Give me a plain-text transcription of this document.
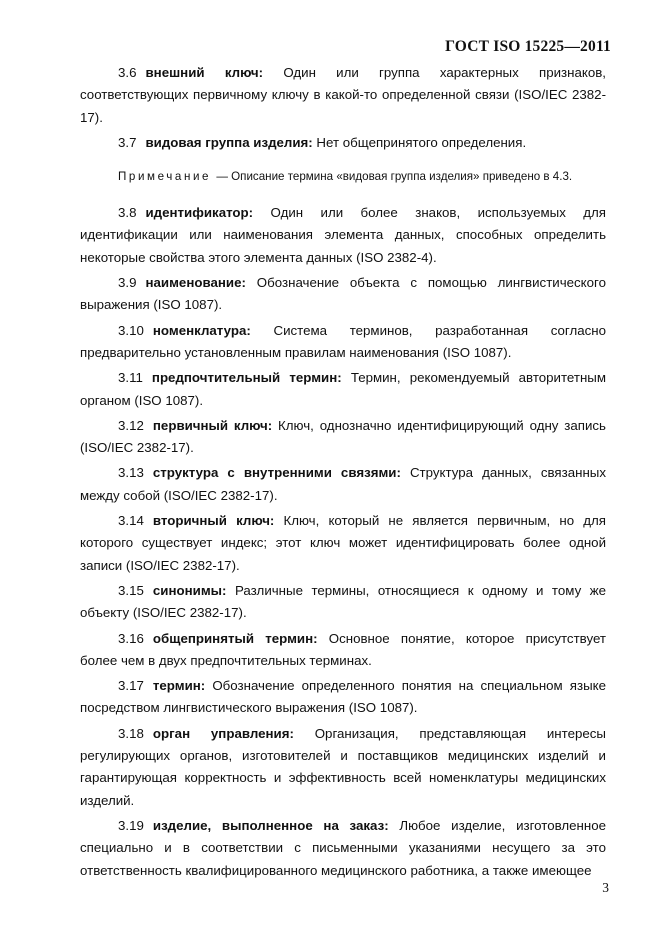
ГОСТ ISO 15225—2011

3.6 внешний ключ: Один или группа характерных признаков, соответствующих первичному ключу в какой-то определенной связи (ISO/IEC 2382-17).

3.7 видовая группа изделия: Нет общепринятого определения.

Примечание — Описание термина «видовая группа изделия» приведено в 4.3.

3.8 идентификатор: Один или более знаков, используемых для идентификации или наименования элемента данных, способных определить некоторые свойства этого элемента данных (ISO 2382-4).

3.9 наименование: Обозначение объекта с помощью лингвистического выражения (ISO 1087).

3.10 номенклатура: Система терминов, разработанная согласно предварительно установленным правилам наименования (ISO 1087).

3.11 предпочтительный термин: Термин, рекомендуемый авторитетным органом (ISO 1087).

3.12 первичный ключ: Ключ, однозначно идентифицирующий одну запись (ISO/IEC 2382-17).

3.13 структура с внутренними связями: Структура данных, связанных между собой (ISO/IEC 2382-17).

3.14 вторичный ключ: Ключ, который не является первичным, но для которого существует индекс; этот ключ может идентифицировать более одной записи (ISO/IEC 2382-17).

3.15 синонимы: Различные термины, относящиеся к одному и тому же объекту (ISO/IEC 2382-17).

3.16 общепринятый термин: Основное понятие, которое присутствует более чем в двух предпочтительных терминах.

3.17 термин: Обозначение определенного понятия на специальном языке посредством лингвистического выражения (ISO 1087).

3.18 орган управления: Организация, представляющая интересы регулирующих органов, изготовителей и поставщиков медицинских изделий и гарантирующая корректность и эффективность всей номенклатуры медицинских изделий.

3.19 изделие, выполненное на заказ: Любое изделие, изготовленное специально и в соответствии с письменными указаниями несущего за это ответственность квалифицированного медицинского работника, а также имеющее

3
